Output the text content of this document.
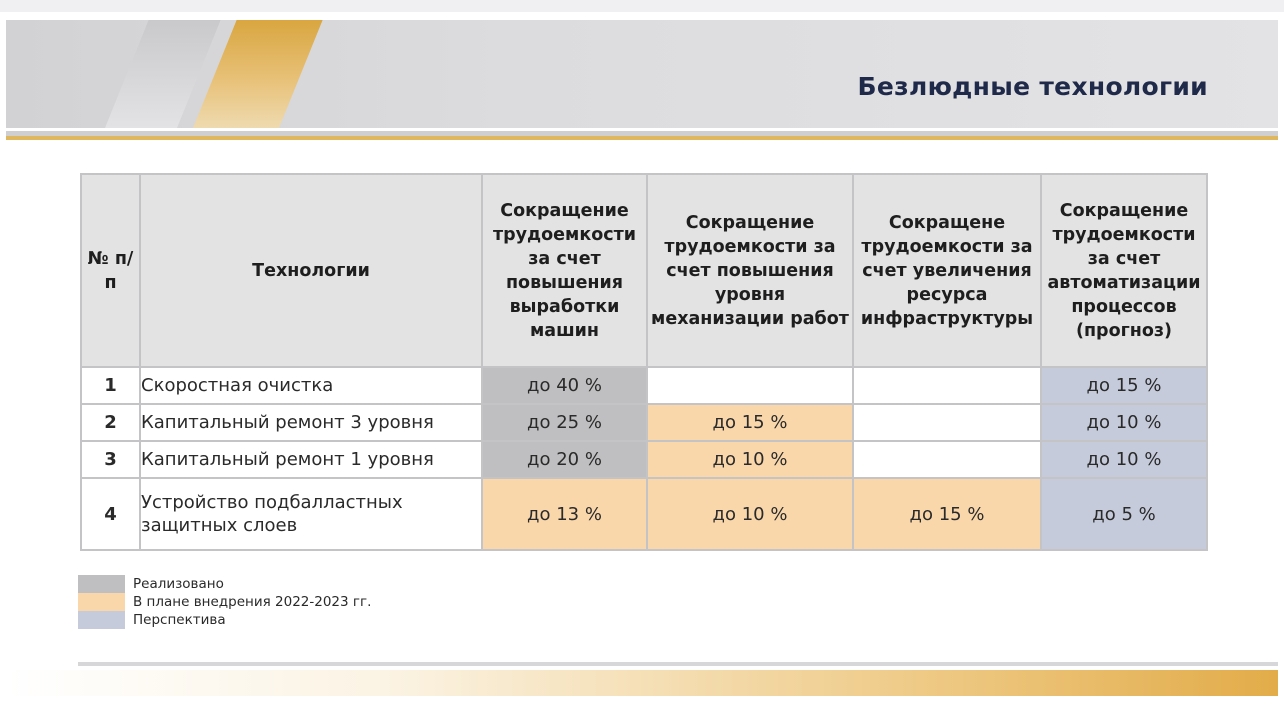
Безлюдные технологии
№ п/п	Технологии	Сокращение трудоемкости за счет повышения выработки машин	Сокращение трудоемкости за счет повышения уровня механизации работ	Сокращене трудоемкости за счет увеличения ресурса инфраструктуры	Сокращение трудоемкости за счет автоматизации процессов (прогноз)
1	Скоростная очистка	до 40 %			до 15 %
2	Капитальный ремонт 3 уровня	до 25 %	до 15 %		до 10 %
3	Капитальный ремонт 1 уровня	до 20 %	до 10 %		до 10 %
4	Устройство подбалластных защитных слоев	до 13 %	до 10 %	до 15 %	до 5 %
Реализовано
В плане внедрения 2022-2023 гг.
Перспектива
